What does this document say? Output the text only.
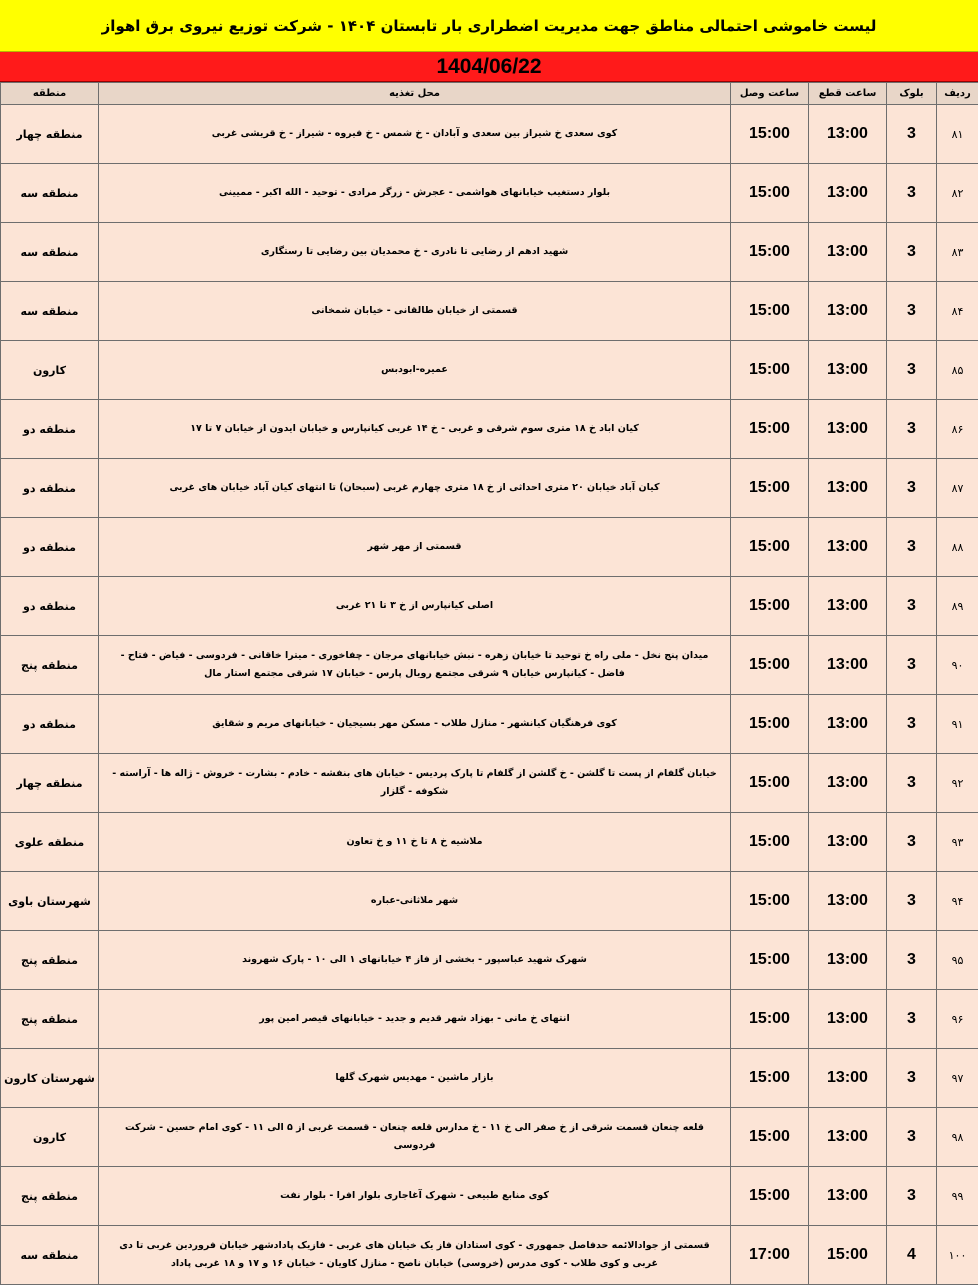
لیست خاموشی احتمالی مناطق جهت مدیریت اضطراری بار تابستان ۱۴۰۴ - شرکت توزیع نیروی برق اهواز
1404/06/22
ردیف	بلوک	ساعت قطع	ساعت وصل	محل تغذیه	منطقه
۸۱	3	13:00	15:00	کوی سعدی خ شیراز بین سعدی و آبادان - خ شمس - خ فیروه - شیراز - خ قریشی غربی	منطقه چهار
۸۲	3	13:00	15:00	بلوار دستغیب خیابانهای هواشمی - عجرش - زرگر مرادی - توحید - الله اکبر - ممیینی	منطقه سه
۸۳	3	13:00	15:00	شهید ادهم از رضایی تا نادری - خ محمدیان بین رضایی تا رستگاری	منطقه سه
۸۴	3	13:00	15:00	قسمتی از خیابان طالقانی - خیابان شمخانی	منطقه سه
۸۵	3	13:00	15:00	عمیره-ابودبس	کارون
۸۶	3	13:00	15:00	کیان اباد خ ۱۸ متری سوم شرقی و غربی - خ ۱۴ غربی کیانپارس و خیابان ایدون از خیابان ۷ تا ۱۷	منطقه دو
۸۷	3	13:00	15:00	کیان آباد خیابان ۲۰ متری احداثی از خ ۱۸ متری چهارم غربی (سبحان) تا انتهای کیان آباد خیابان های غربی	منطقه دو
۸۸	3	13:00	15:00	قسمتی از مهر شهر	منطقه دو
۸۹	3	13:00	15:00	اصلی کیانپارس از خ ۳ تا ۲۱ غربی	منطقه دو
۹۰	3	13:00	15:00	میدان پنج نخل - ملی راه خ توحید تا خیابان زهره - نبش خیابانهای مرجان - چفاخوری - میترا خاقانی - فردوسی - فیاض - فتاح - فاضل - کیانپارس خیابان ۹ شرقی مجتمع رویال پارس - خیابان ۱۷ شرقی مجتمع استار مال	منطقه پنج
۹۱	3	13:00	15:00	کوی فرهنگیان کیانشهر - منازل طلاب - مسکن مهر بسیجیان - خیابانهای مریم و شقایق	منطقه دو
۹۲	3	13:00	15:00	خیابان گلفام از پست تا گلشن - خ گلشن از گلفام تا پارک پردیس - خیابان های بنفشه - خادم - بشارت - خروش - ژاله ها - آراسته - شکوفه - گلزار	منطقه چهار
۹۳	3	13:00	15:00	ملاشیه خ ۸ تا خ ۱۱ و خ تعاون	منطقه علوی
۹۴	3	13:00	15:00	شهر ملاثانی-عباره	شهرستان باوی
۹۵	3	13:00	15:00	شهرک شهید عباسپور - بخشی از فاز ۴ خیابانهای ۱ الی ۱۰ - پارک شهروند	منطقه پنج
۹۶	3	13:00	15:00	انتهای خ مانی - بهزاد شهر قدیم و جدید - خیابانهای قیصر امین پور	منطقه پنج
۹۷	3	13:00	15:00	بازار ماشین - مهدیس شهرک گلها	شهرستان کارون
۹۸	3	13:00	15:00	قلعه چنعان قسمت شرقی از خ صفر الی خ ۱۱ - خ مدارس قلعه چنعان - قسمت غربی از ۵ الی ۱۱ - کوی امام حسین - شرکت فردوسی	کارون
۹۹	3	13:00	15:00	کوی منابع طبیعی - شهرک آغاجاری بلوار افرا - بلوار نفت	منطقه پنج
۱۰۰	4	15:00	17:00	قسمتی از جوادالائمه حدفاصل جمهوری - کوی استادان فاز یک خیابان های غربی - فازیک پادادشهر خیابان فروردین غربی تا دی غربی و کوی طلاب - کوی مدرس (خروسی) خیابان ناصح - منازل کاویان - خیابان ۱۶ و ۱۷ و ۱۸ غربی پاداد	منطقه سه
